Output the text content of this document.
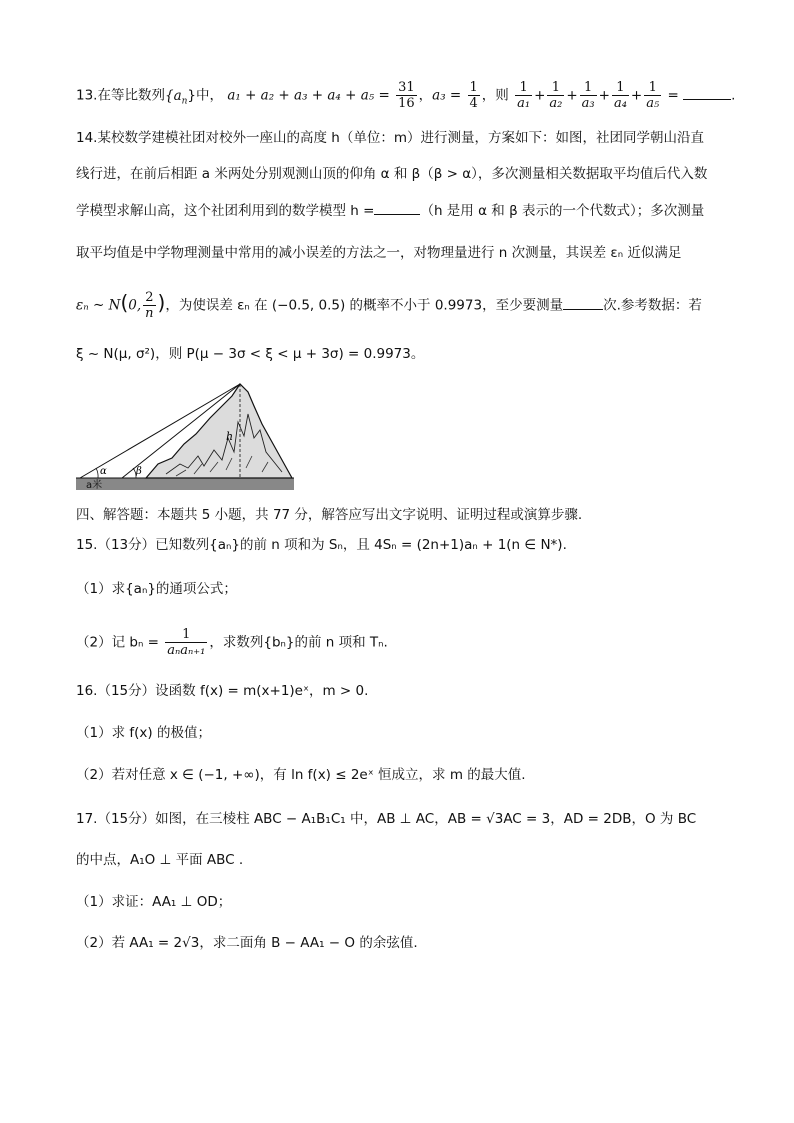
13.在等比数列$\{a_n\}$中， $a_1 + a_2 + a_3 + a_4 + a_5 = \frac{31}{16}$ ，$a_3 = \frac{1}{4}$ ，则 $\frac{1}{\text{a₁}} + \frac{1}{\text{a₂}} + \frac{1}{\text{a₃}} + \frac{1}{\text{a₄}} + \frac{1}{\text{a₅}}$ =	.
14.某校数学建模社团对校外一座山的高度 h（单位：m）进行测量，方案如下：如图，社团同学朝山沿直
线行进，在前后相距 a 米两处分别观测山顶的仰角 α 和 β（β > α），多次测量相关数据取平均值后代入数
学模型求解山高，这个社团利用到的数学模型 h =	（h 是用 α 和 β 表示的一个代数式）；多次测量
取平均值是中学物理测量中常用的减小误差的方法之一，对物理量进行 n 次测量，其误差 εₙ 近似满足
εₙ ~ N(0, $\frac{2}{n}$ )，为使误差 εₙ 在 (−0.5, 0.5) 的概率不小于 0.9973，至少要测量	次.参考数据：若
ξ ~ N(μ, σ²)，则 P(μ − 3σ < ξ < μ + 3σ) = 0.9973。
α	β
h
a米
四、解答题：本题共 5 小题，共 77 分，解答应写出文字说明、证明过程或演算步骤.
15.（13分）已知数列{aₙ}的前 n 项和为 Sₙ，且 4Sₙ = (2n+1)aₙ + 1(n ∈ N*).
（1）求{aₙ}的通项公式；
（2）记 $b_n = \frac{1}{\text{aₙaₙ₊₁}}$ ，求数列{bₙ}的前 n 项和 Tₙ.
16.（15分）设函数 f(x) = m(x+1)eˣ，m > 0.
（1）求 f(x) 的极值；
（2）若对任意 x ∈ (−1, +∞)，有 ln f(x) ≤ 2eˣ 恒成立，求 m 的最大值.
17.（15分）如图，在三棱柱 ABC − A₁B₁C₁ 中，AB ⊥ AC，AB = √3AC = 3，AD = 2DB，O 为 BC
的中点，A₁O ⊥ 平面 ABC .
（1）求证：AA₁ ⊥ OD；
（2）若 AA₁ = 2√3，求二面角 B − AA₁ − O 的余弦值.
